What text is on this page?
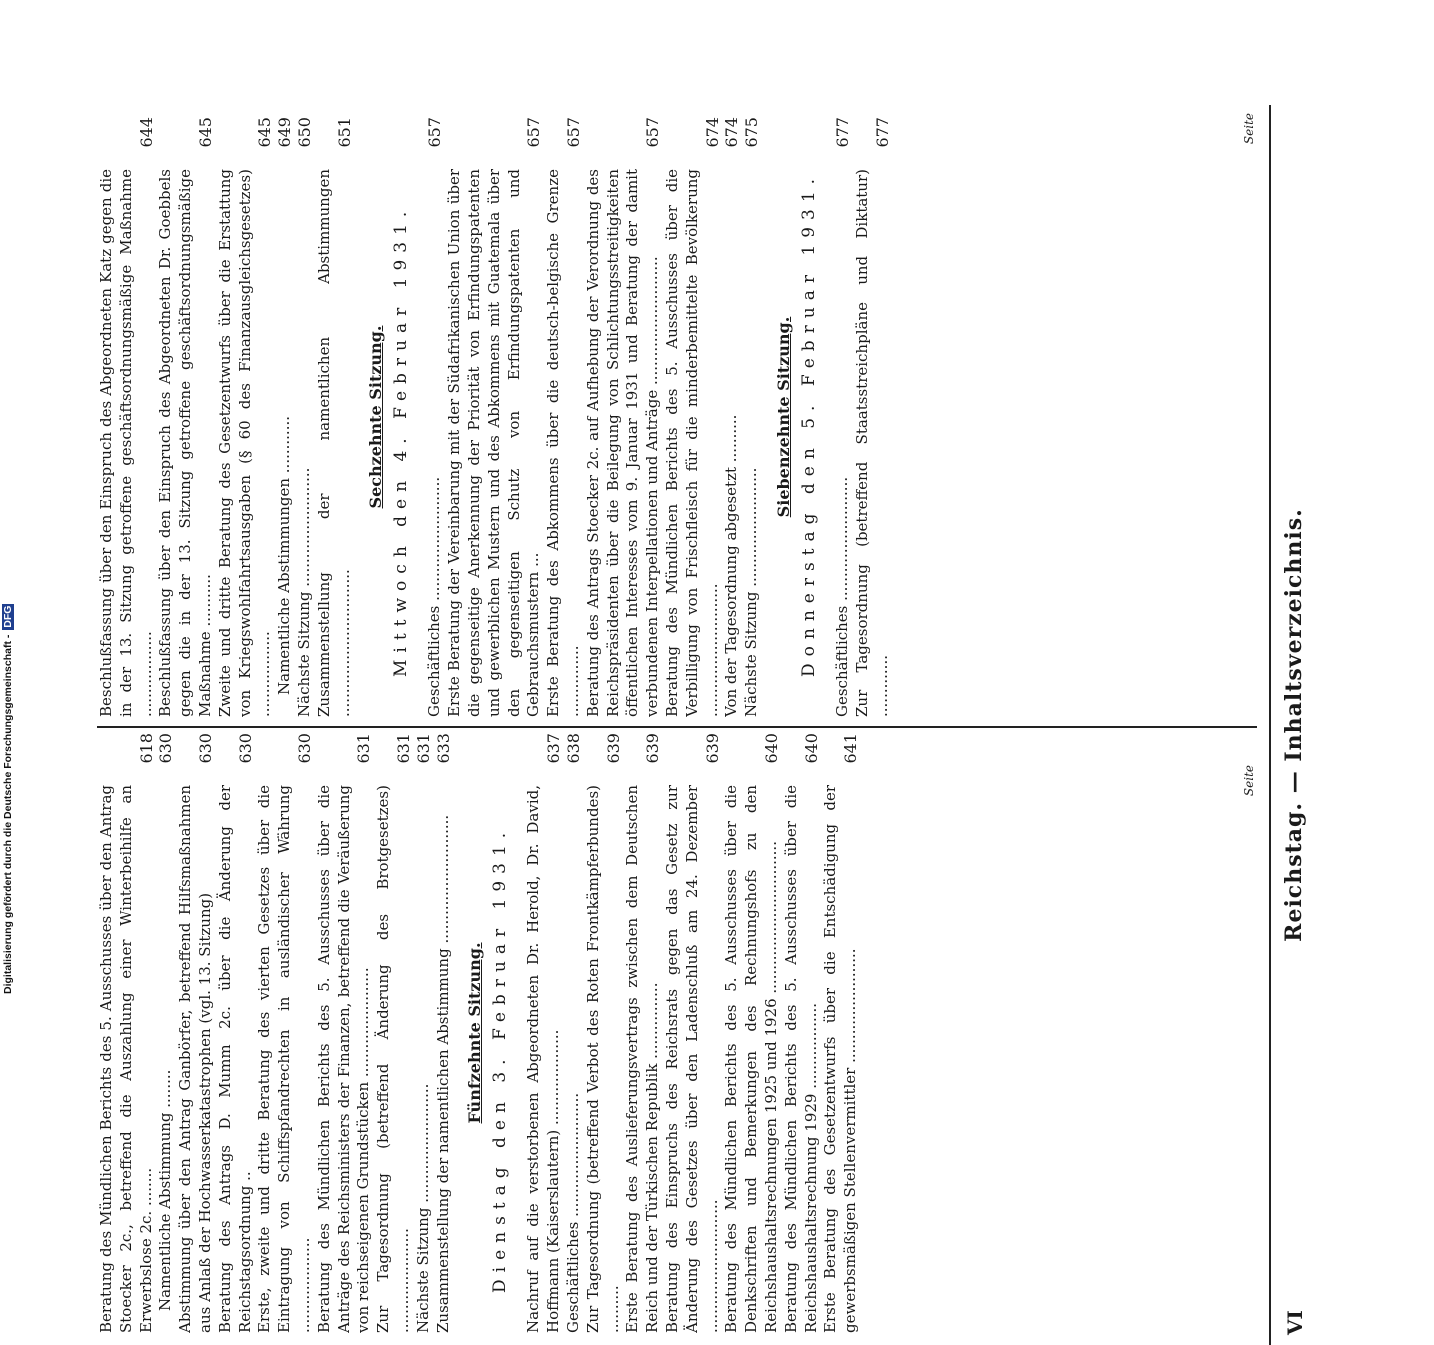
VI
Reichstag. — Inhaltsverzeichnis.
Seite
Seite
Beratung des Mündlichen Berichts des 5. Ausschusses über den Antrag Stoecker 2c., betreffend die Auszahlung einer Winterbeihilfe an Erwerbslose 2c. ........
618
Namentliche Abstimmung ........
630
Abstimmung über den Antrag Ganbörfer, betreffend Hilfsmaßnahmen aus Anlaß der Hochwasserkatastrophen (vgl. 13. Sitzung)
630
Beratung des Antrags D. Mumm 2c. über die Änderung der Reichstagsordnung ..
630
Erste, zweite und dritte Beratung des vierten Gesetzes über die Eintragung von Schiffspfandrechten in ausländischer Währung ....................
630
Beratung des Mündlichen Berichts des 5. Ausschusses über die Anträge des Reichsministers der Finanzen, betreffend die Veräußerung von reichseigenen Grundstücken .......................
631
Zur Tagesordnung (betreffend Änderung des Brotgesetzes) ......................
631
Nächste Sitzung .........................
631
Zusammenstellung der namentlichen Abstimmung ...........................
633
Fünfzehnte Sitzung. Dienstag den 3. Februar 1931. Nachruf auf die verstorbenen Abgeordneten Dr. Herold, Dr. David, Hoffmann (Kaiserslautern) ....................
637
Geschäftliches ..........................
638
Zur Tagesordnung (betreffend Verbot des Roten Frontkämpferbundes) ..........
639
Erste Beratung des Auslieferungsvertrags zwischen dem Deutschen Reich und der Türkischen Republik ................
639
Beratung des Einspruchs des Reichsrats gegen das Gesetz zur Änderung des Gesetzes über den Ladenschluß am 24. Dezember ............................
639
Beratung des Mündlichen Berichts des 5. Ausschusses über die Denkschriften und Bemerkungen des Rechnungshofs zu den Reichshaushaltsrechnungen 1925 und 1926 ................................
640
Beratung des Mündlichen Berichts des 5. Ausschusses über die Reichshaushaltsrechnung 1929 ..................
640
Erste Beratung des Gesetzentwurfs über die Entschädigung der gewerbsmäßigen Stellenvermittler ........................
641
Beschlußfassung über den Einspruch des Abgeordneten Katz gegen die in der 13. Sitzung getroffene geschäftsordnungsmäßige Maßnahme ..................
644
Beschlußfassung über den Einspruch des Abgeordneten Dr. Goebbels gegen die in der 13. Sitzung getroffene geschäftsordnungsmäßige Maßnahme ...........
645
Zweite und dritte Beratung des Gesetzentwurfs über die Erstattung von Kriegswohlfahrtsausgaben (§ 60 des Finanzausgleichsgesetzes) ..................
645
Namentliche Abstimmungen ............
649
Nächste Sitzung .........................
650
Zusammenstellung der namentlichen Abstimmungen ...............................
651
Sechzehnte Sitzung. Mittwoch den 4. Februar 1931. Geschäftliches ..........................
657
Erste Beratung der Vereinbarung mit der Südafrikanischen Union über die gegenseitige Anerkennung der Priorität von Erfindungspatenten und gewerblichen Mustern und des Abkommens mit Guatemala über den gegenseitigen Schutz von Erfindungspatenten und Gebrauchsmustern ...
657
Erste Beratung des Abkommens über die deutsch-belgische Grenze ...............
657
Beratung des Antrags Stoecker 2c. auf Aufhebung der Verordnung des Reichspräsidenten über die Beilegung von Schlichtungsstreitigkeiten öffentlichen Interesses vom 9. Januar 1931 und Beratung der damit verbundenen Interpellationen und Anträge ...........................
657
Beratung des Mündlichen Berichts des 5. Ausschusses über die Verbilligung von Frischfleisch für die minderbemittelte Bevölkerung ............................
674
Von der Tagesordnung abgesetzt ..........
674
Nächste Sitzung .........................
675
Siebenzehnte Sitzung. Donnerstag den 5. Februar 1931. Geschäftliches ..........................
677
Zur Tagesordnung (betreffend Staatsstreichpläne und Diktatur) .............
677
Digitalisierung gefördert durch die Deutsche Forschungsgemeinschaft - DFG
